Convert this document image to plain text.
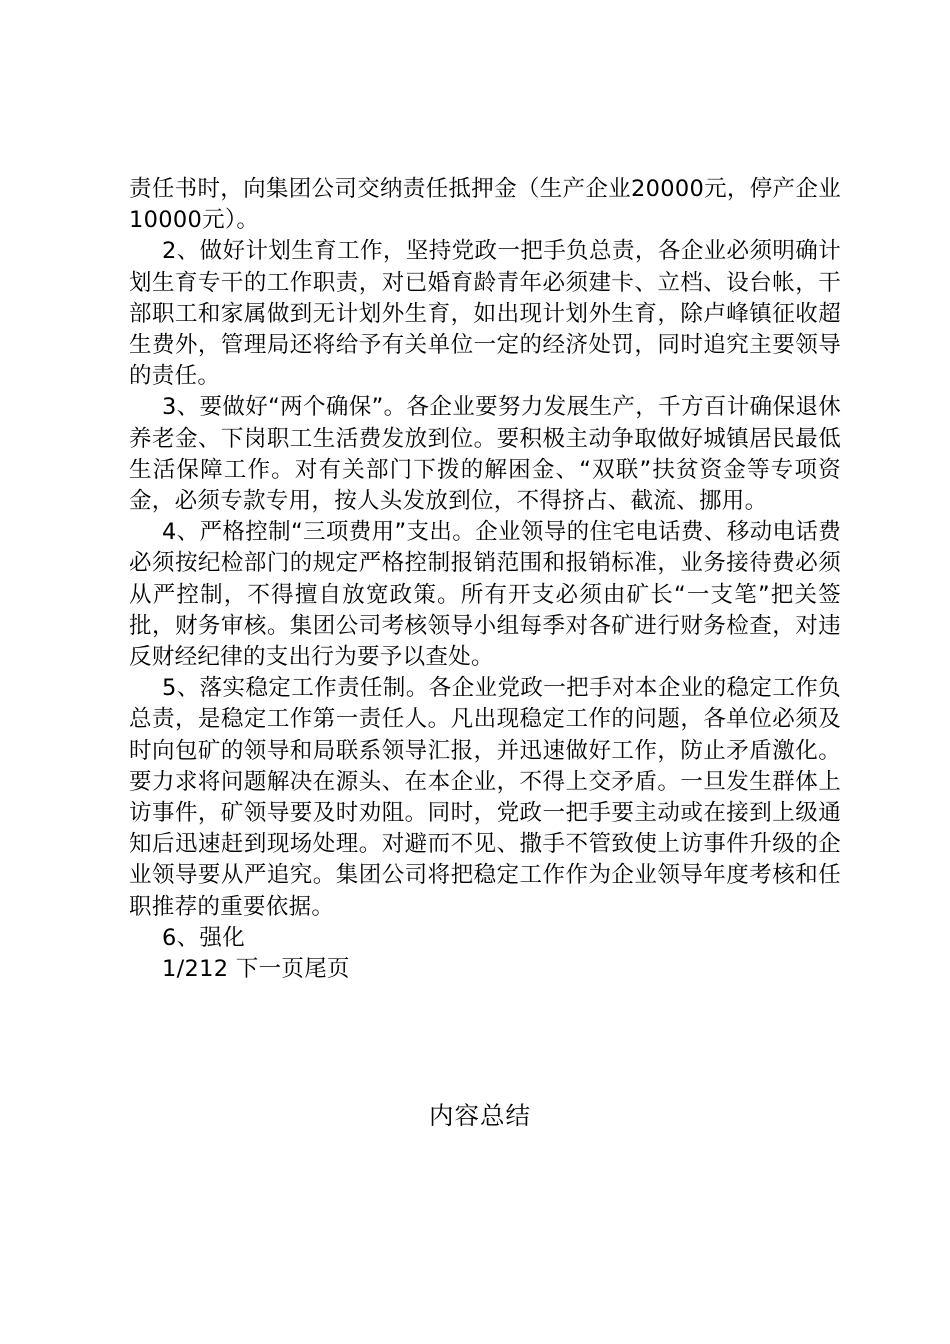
责任书时，向集团公司交纳责任抵押金（生产企业20000元，停产企业10000元）。

2、做好计划生育工作，坚持党政一把手负总责，各企业必须明确计划生育专干的工作职责，对已婚育龄青年必须建卡、立档、设台帐，干部职工和家属做到无计划外生育，如出现计划外生育，除卢峰镇征收超生费外，管理局还将给予有关单位一定的经济处罚，同时追究主要领导的责任。

3、要做好“两个确保”。各企业要努力发展生产，千方百计确保退休养老金、下岗职工生活费发放到位。要积极主动争取做好城镇居民最低生活保障工作。对有关部门下拨的解困金、“双联”扶贫资金等专项资金，必须专款专用，按人头发放到位，不得挤占、截流、挪用。

4、严格控制“三项费用”支出。企业领导的住宅电话费、移动电话费必须按纪检部门的规定严格控制报销范围和报销标准，业务接待费必须从严控制，不得擅自放宽政策。所有开支必须由矿长“一支笔”把关签批，财务审核。集团公司考核领导小组每季对各矿进行财务检查，对违反财经纪律的支出行为要予以查处。

5、落实稳定工作责任制。各企业党政一把手对本企业的稳定工作负总责，是稳定工作第一责任人。凡出现稳定工作的问题，各单位必须及时向包矿的领导和局联系领导汇报，并迅速做好工作，防止矛盾激化。要力求将问题解决在源头、在本企业，不得上交矛盾。一旦发生群体上访事件，矿领导要及时劝阻。同时，党政一把手要主动或在接到上级通知后迅速赶到现场处理。对避而不见、撒手不管致使上访事件升级的企业领导要从严追究。集团公司将把稳定工作作为企业领导年度考核和任职推荐的重要依据。

6、强化

1/212 下一页尾页

内容总结
